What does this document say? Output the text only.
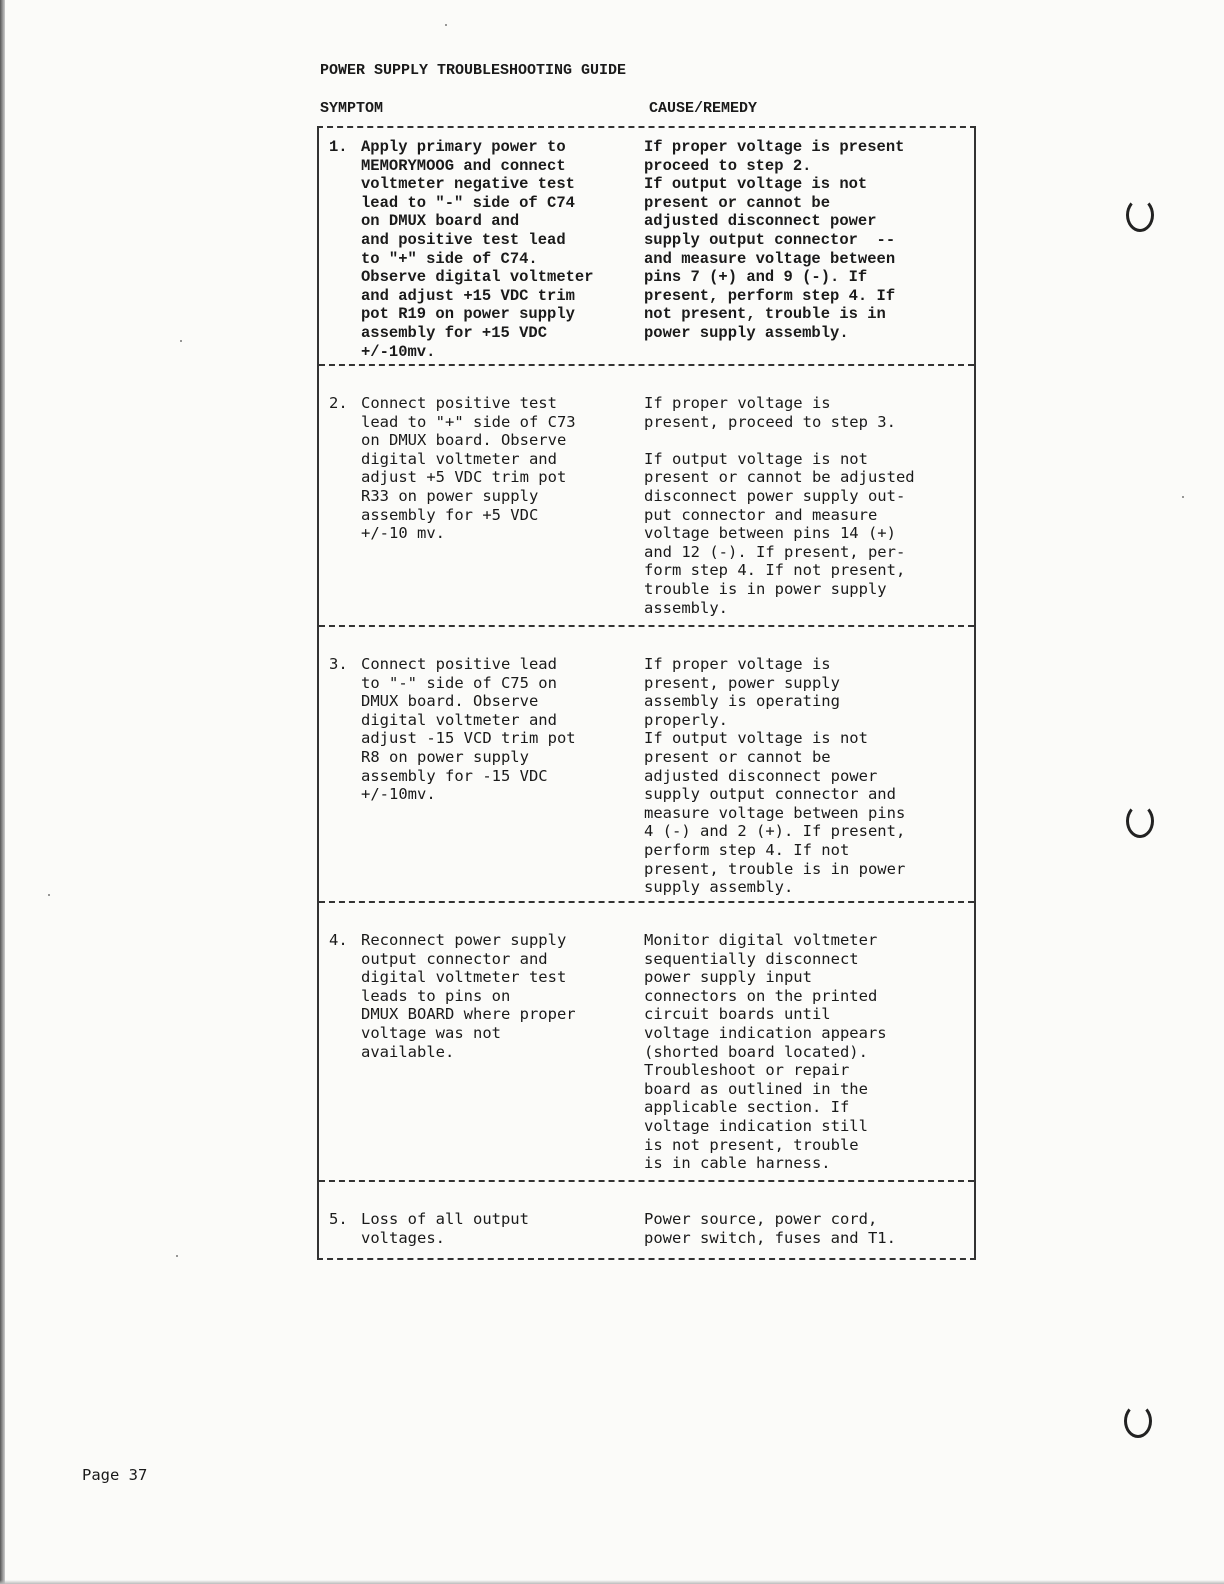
POWER SUPPLY TROUBLESHOOTING GUIDE
SYMPTOM	CAUSE/REMEDY
1. Apply primary power to
MEMORYMOOG and connect
voltmeter negative test
lead to "-" side of C74
on DMUX board and
and positive test lead
to "+" side of C74.
Observe digital voltmeter
and adjust +15 VDC trim
pot R19 on power supply
assembly for +15 VDC
+/-10mv.
If proper voltage is present
proceed to step 2.
If output voltage is not
present or cannot be
adjusted disconnect power
supply output connector  --
and measure voltage between
pins 7 (+) and 9 (-). If
present, perform step 4. If
not present, trouble is in
power supply assembly.
2. Connect positive test
lead to "+" side of C73
on DMUX board. Observe
digital voltmeter and
adjust +5 VDC trim pot
R33 on power supply
assembly for +5 VDC
+/-10 mv.
If proper voltage is
present, proceed to step 3.

If output voltage is not
present or cannot be adjusted
disconnect power supply out-
put connector and measure
voltage between pins 14 (+)
and 12 (-). If present, per-
form step 4. If not present,
trouble is in power supply
assembly.
3. Connect positive lead
to "-" side of C75 on
DMUX board. Observe
digital voltmeter and
adjust -15 VCD trim pot
R8 on power supply
assembly for -15 VDC
+/-10mv.
If proper voltage is
present, power supply
assembly is operating
properly.
If output voltage is not
present or cannot be
adjusted disconnect power
supply output connector and
measure voltage between pins
4 (-) and 2 (+). If present,
perform step 4. If not
present, trouble is in power
supply assembly.
4. Reconnect power supply
output connector and
digital voltmeter test
leads to pins on
DMUX BOARD where proper
voltage was not
available.
Monitor digital voltmeter
sequentially disconnect
power supply input
connectors on the printed
circuit boards until
voltage indication appears
(shorted board located).
Troubleshoot or repair
board as outlined in the
applicable section. If
voltage indication still
is not present, trouble
is in cable harness.
5. Loss of all output
voltages.
Power source, power cord,
power switch, fuses and T1.
Page 37
